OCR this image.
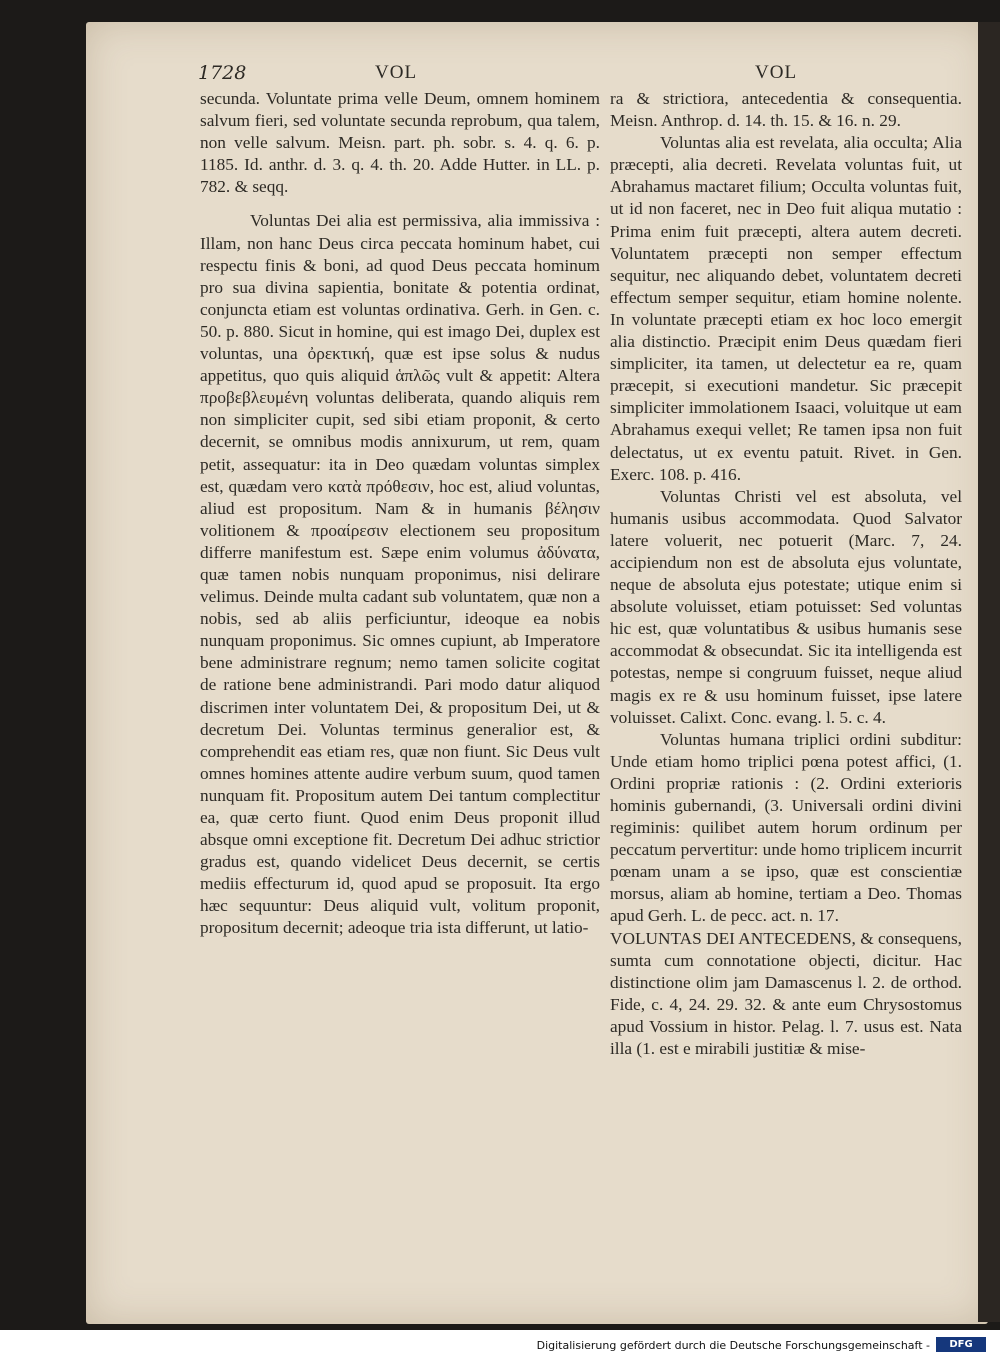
1728	VOL	VOL

secunda. Voluntate prima velle Deum, omnem hominem salvum fieri, sed voluntate secunda reprobum, qua talem, non velle salvum. Meisn. part. ph. sobr. s. 4. q. 6. p. 1185. Id. anthr. d. 3. q. 4. th. 20. Adde Hutter. in LL. p. 782. & seqq.

Voluntas Dei alia est permissiva, alia immissiva : Illam, non hanc Deus circa peccata hominum habet, cui respectu finis & boni, ad quod Deus peccata hominum pro sua divina sapientia, bonitate & potentia ordinat, conjuncta etiam est voluntas ordinativa. Gerh. in Gen. c. 50. p. 880. Sicut in homine, qui est imago Dei, duplex est voluntas, una ὀρεκτική, quæ est ipse solus & nudus appetitus, quo quis aliquid ἁπλῶς vult & appetit: Altera προβεβλευμένη voluntas deliberata, quando aliquis rem non simpliciter cupit, sed sibi etiam proponit, & certo decernit, se omnibus modis annixurum, ut rem, quam petit, assequatur: ita in Deo quædam voluntas simplex est, quædam vero κατὰ πρόθεσιν, hoc est, aliud voluntas, aliud est propositum. Nam & in humanis βέλησιν volitionem & προαίρεσιν electionem seu propositum differre manifestum est. Sæpe enim volumus ἀδύνατα, quæ tamen nobis nunquam proponimus, nisi delirare velimus. Deinde multa cadant sub voluntatem, quæ non a nobis, sed ab aliis perficiuntur, ideoque ea nobis nunquam proponimus. Sic omnes cupiunt, ab Imperatore bene administrare regnum; nemo tamen solicite cogitat de ratione bene administrandi. Pari modo datur aliquod discrimen inter voluntatem Dei, & propositum Dei, ut & decretum Dei. Voluntas terminus generalior est, & comprehendit eas etiam res, quæ non fiunt. Sic Deus vult omnes homines attente audire verbum suum, quod tamen nunquam fit. Propositum autem Dei tantum complectitur ea, quæ certo fiunt. Quod enim Deus proponit illud absque omni exceptione fit. Decretum Dei adhuc strictior gradus est, quando videlicet Deus decernit, se certis mediis effecturum id, quod apud se proposuit. Ita ergo hæc sequuntur: Deus aliquid vult, volitum proponit, propositum decernit; adeoque tria ista differunt, ut latio-

ra & strictiora, antecedentia & consequentia. Meisn. Anthrop. d. 14. th. 15. & 16. n. 29.

Voluntas alia est revelata, alia occulta; Alia præcepti, alia decreti. Revelata voluntas fuit, ut Abrahamus mactaret filium; Occulta voluntas fuit, ut id non faceret, nec in Deo fuit aliqua mutatio : Prima enim fuit præcepti, altera autem decreti. Voluntatem præcepti non semper effectum sequitur, nec aliquando debet, voluntatem decreti effectum semper sequitur, etiam homine nolente. In voluntate præcepti etiam ex hoc loco emergit alia distinctio. Præcipit enim Deus quædam fieri simpliciter, ita tamen, ut delectetur ea re, quam præcepit, si executioni mandetur. Sic præcepit simpliciter immolationem Isaaci, voluitque ut eam Abrahamus exequi vellet; Re tamen ipsa non fuit delectatus, ut ex eventu patuit. Rivet. in Gen. Exerc. 108. p. 416.

Voluntas Christi vel est absoluta, vel humanis usibus accommodata. Quod Salvator latere voluerit, nec potuerit (Marc. 7, 24. accipiendum non est de absoluta ejus voluntate, neque de absoluta ejus potestate; utique enim si absolute voluisset, etiam potuisset: Sed voluntas hic est, quæ voluntatibus & usibus humanis sese accommodat & obsecundat. Sic ita intelligenda est potestas, nempe si congruum fuisset, neque aliud magis ex re & usu hominum fuisset, ipse latere voluisset. Calixt. Conc. evang. l. 5. c. 4.

Voluntas humana triplici ordini subditur: Unde etiam homo triplici pœna potest affici, (1. Ordini propriæ rationis : (2. Ordini exterioris hominis gubernandi, (3. Universali ordini divini regiminis: quilibet autem horum ordinum per peccatum pervertitur: unde homo triplicem incurrit pœnam unam a se ipso, quæ est conscientiæ morsus, aliam ab homine, tertiam a Deo. Thomas apud Gerh. L. de pecc. act. n. 17.

VOLUNTAS DEI ANTECEDENS, & consequens, sumta cum connotatione objecti, dicitur. Hac distinctione olim jam Damascenus l. 2. de orthod. Fide, c. 4, 24. 29. 32. & ante eum Chrysostomus apud Vossium in histor. Pelag. l. 7. usus est. Nata illa (1. est e mirabili justitiæ & mise-

Digitalisierung gefördert durch die Deutsche Forschungsgemeinschaft -	DFG
